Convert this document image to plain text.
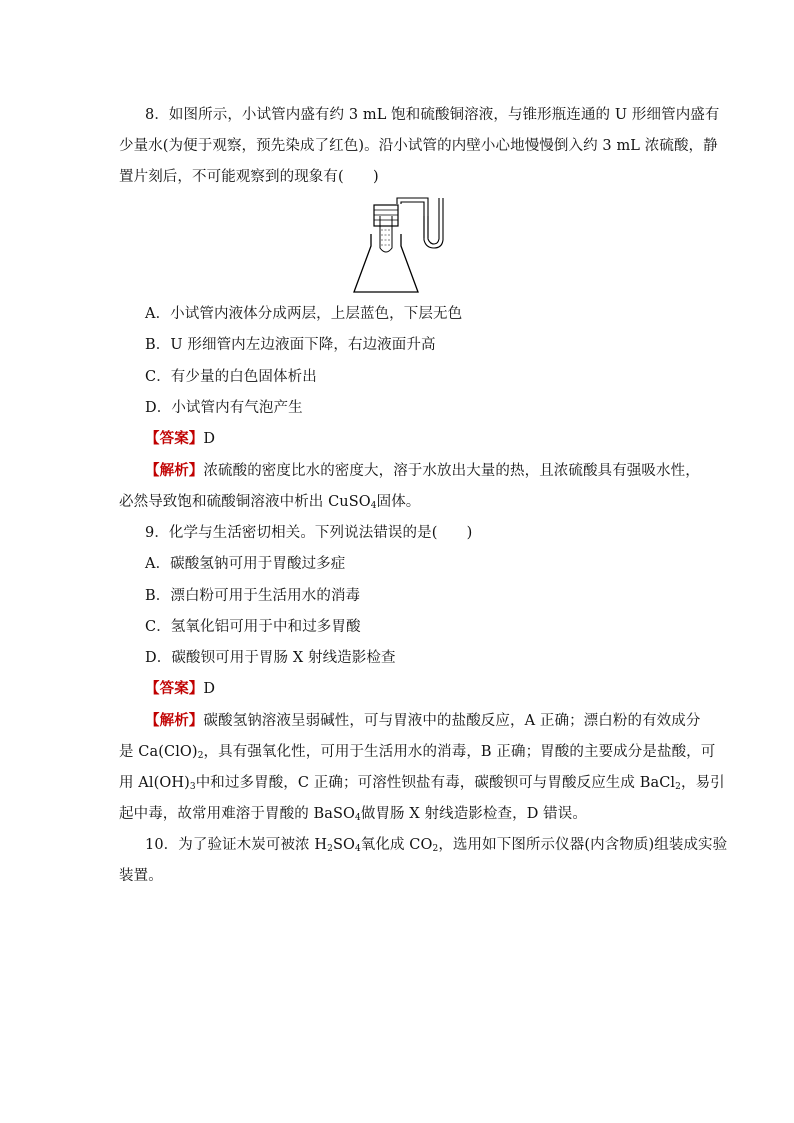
8．如图所示，小试管内盛有约 3 mL 饱和硫酸铜溶液，与锥形瓶连通的 U 形细管内盛有
少量水(为便于观察，预先染成了红色)。沿小试管的内壁小心地慢慢倒入约 3 mL 浓硫酸，静
置片刻后，不可能观察到的现象有(　　)
A．小试管内液体分成两层，上层蓝色，下层无色
B．U 形细管内左边液面下降，右边液面升高
C．有少量的白色固体析出
D．小试管内有气泡产生
【答案】D
【解析】浓硫酸的密度比水的密度大，溶于水放出大量的热，且浓硫酸具有强吸水性，
必然导致饱和硫酸铜溶液中析出 CuSO$_4$固体。
9．化学与生活密切相关。下列说法错误的是(　　)
A．碳酸氢钠可用于胃酸过多症
B．漂白粉可用于生活用水的消毒
C．氢氧化铝可用于中和过多胃酸
D．碳酸钡可用于胃肠 X 射线造影检查
【答案】D
【解析】碳酸氢钠溶液呈弱碱性，可与胃液中的盐酸反应，A 正确；漂白粉的有效成分
是 $Ca(ClO)_2$，具有强氧化性，可用于生活用水的消毒，B 正确；胃酸的主要成分是盐酸，可
用 $Al(OH)_3$中和过多胃酸，C 正确；可溶性钡盐有毒，碳酸钡可与胃酸反应生成 BaCl$_2$，易引
起中毒，故常用难溶于胃酸的 BaSO$_4$做胃肠 X 射线造影检查，D 错误。
10．为了验证木炭可被浓 $H_2SO_4$氧化成 $CO_2$，选用如下图所示仪器(内含物质)组装成实验
装置。
